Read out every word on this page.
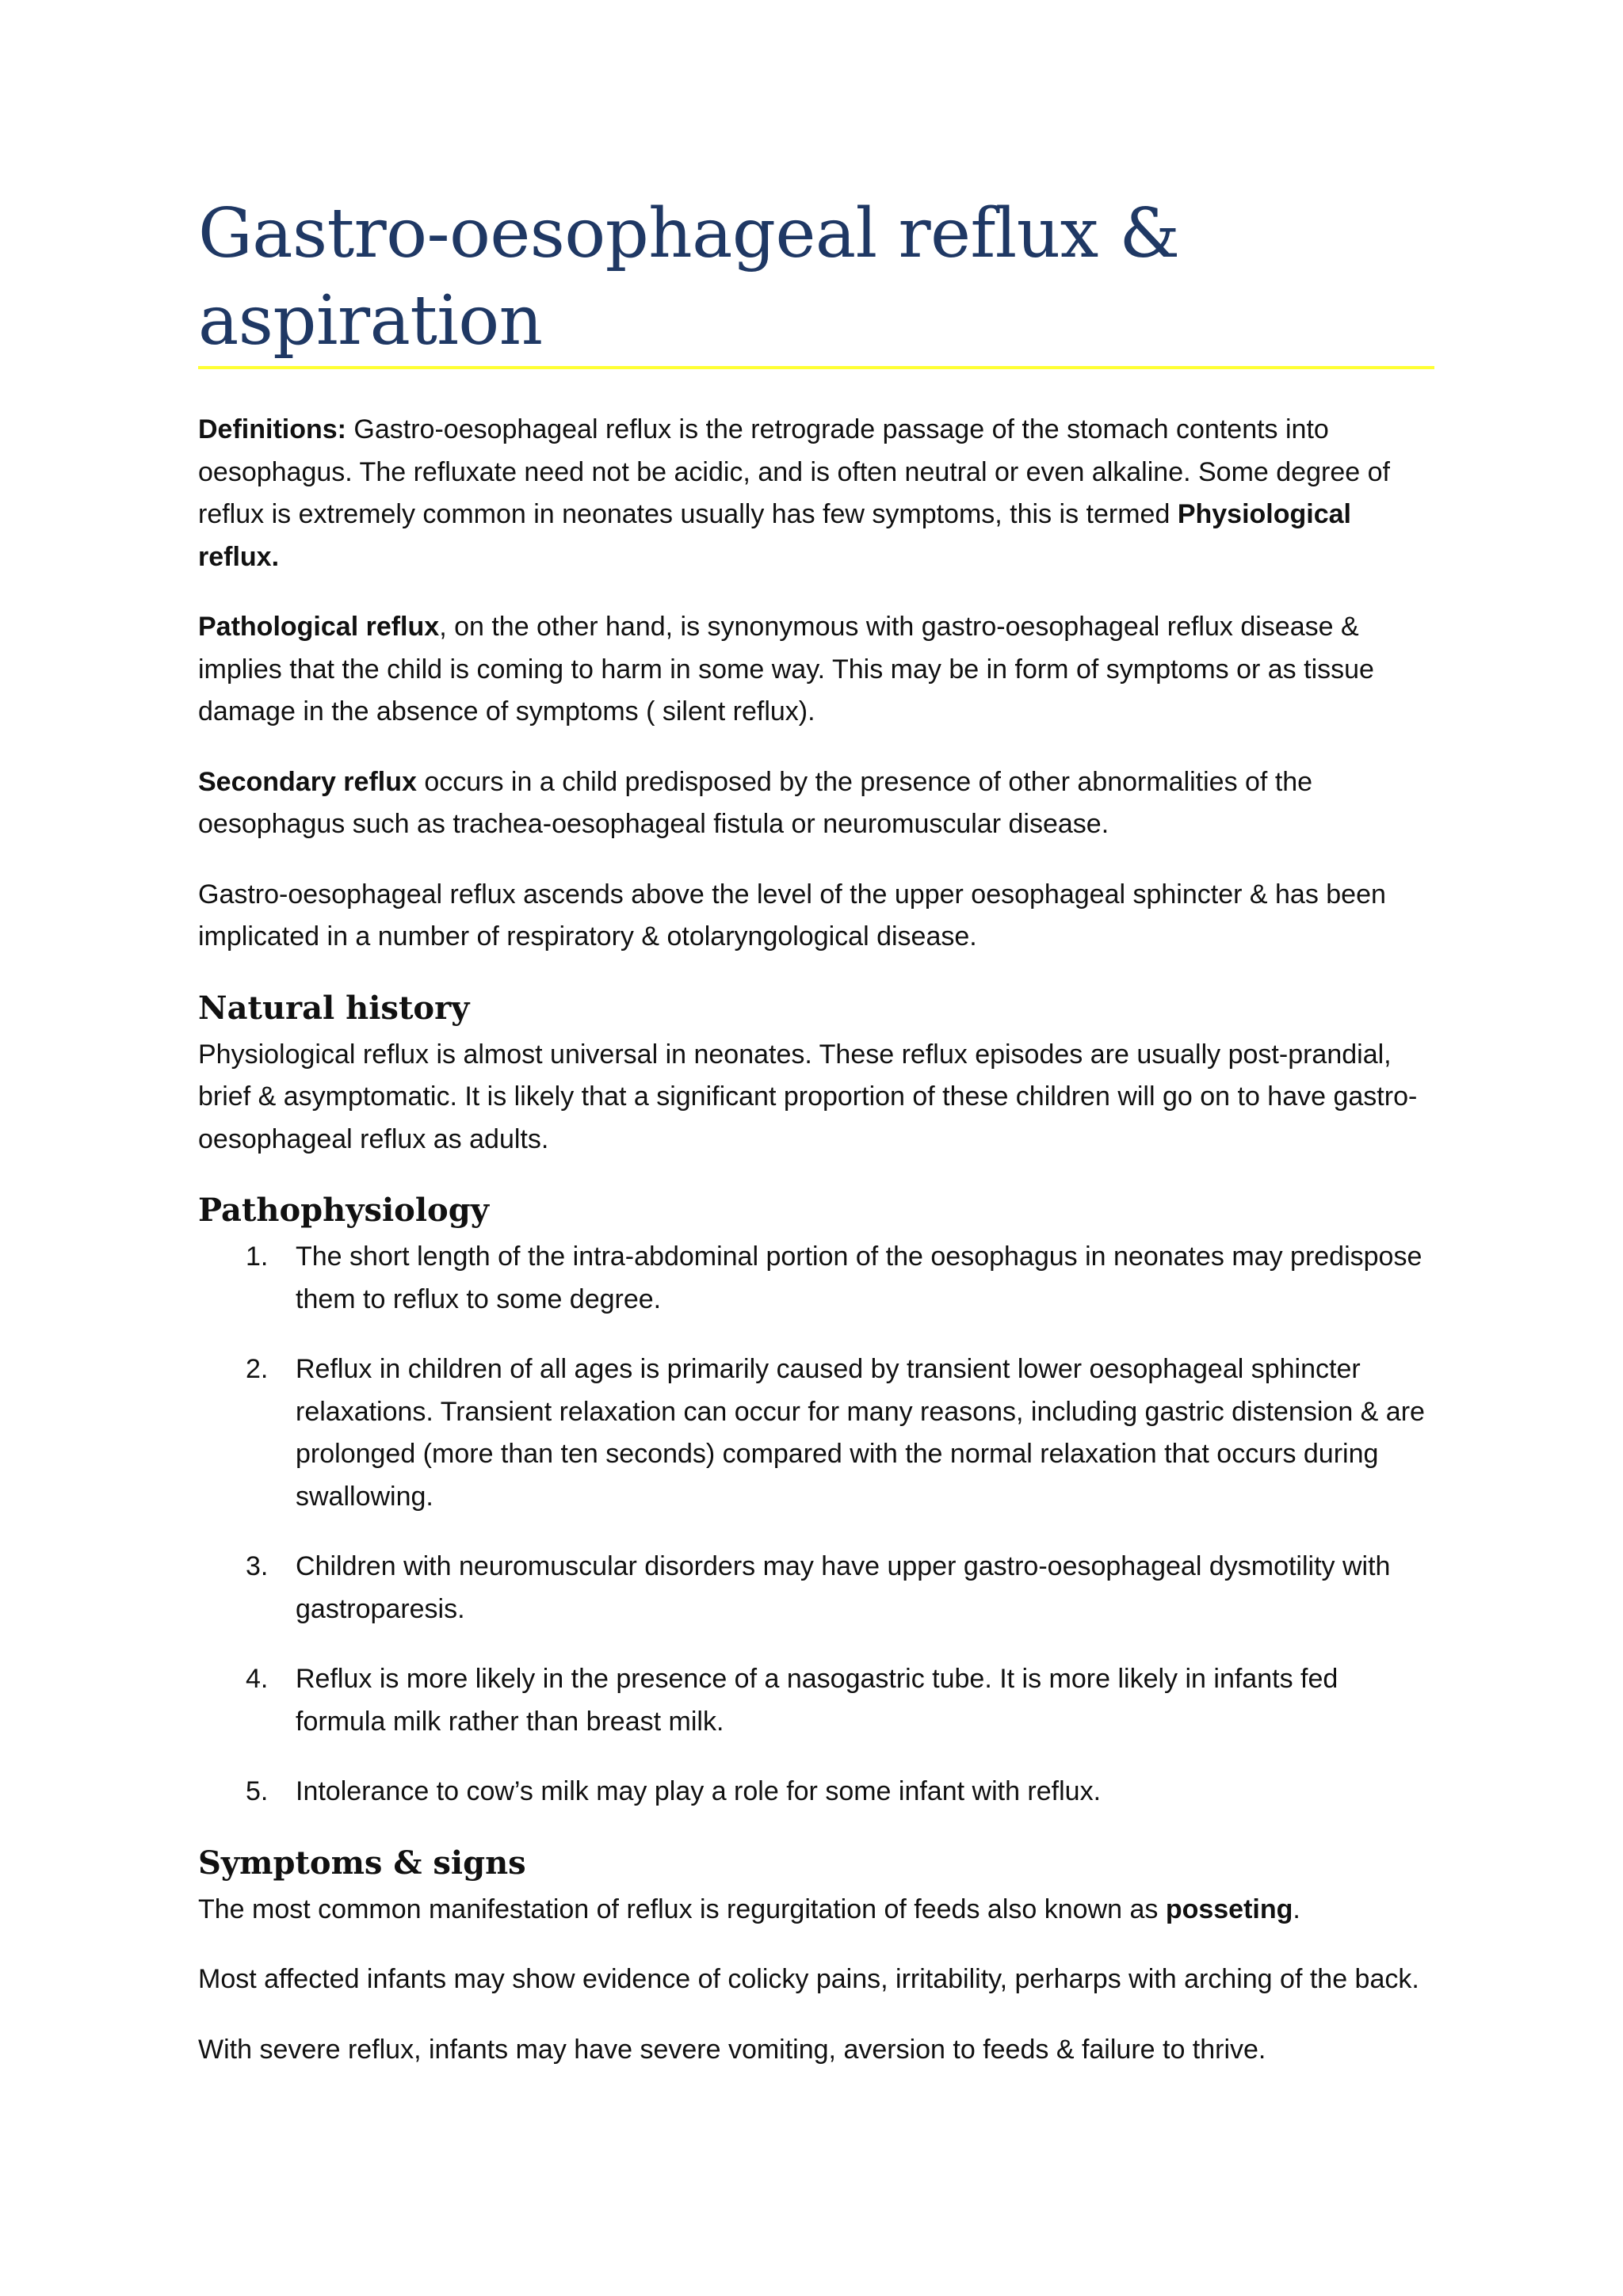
Gastro-oesophageal reflux & aspiration

Definitions: Gastro-oesophageal reflux is the retrograde passage of the stomach contents into oesophagus. The refluxate need not be acidic, and is often neutral or even alkaline. Some degree of reflux is extremely common in neonates usually has few symptoms, this is termed Physiological reflux.

Pathological reflux, on the other hand, is synonymous with gastro-oesophageal reflux disease & implies that the child is coming to harm in some way. This may be in form of symptoms or as tissue damage in the absence of symptoms ( silent reflux).

Secondary reflux occurs in a child predisposed by the presence of other abnormalities of the oesophagus such as trachea-oesophageal fistula or neuromuscular disease.

Gastro-oesophageal reflux ascends above the level of the upper oesophageal sphincter & has been implicated in a number of respiratory & otolaryngological disease.

Natural history

Physiological reflux is almost universal in neonates. These reflux episodes are usually post-prandial, brief & asymptomatic. It is likely that a significant proportion of these children will go on to have gastro-oesophageal reflux as adults.

Pathophysiology
1. The short length of the intra-abdominal portion of the oesophagus in neonates may predispose them to reflux to some degree.
2. Reflux in children of all ages is primarily caused by transient lower oesophageal sphincter relaxations. Transient relaxation can occur for many reasons, including gastric distension & are prolonged (more than ten seconds) compared with the normal relaxation that occurs during swallowing.
3. Children with neuromuscular disorders may have upper gastro-oesophageal dysmotility with gastroparesis.
4. Reflux is more likely in the presence of a nasogastric tube. It is more likely in infants fed formula milk rather than breast milk.
5. Intolerance to cow’s milk may play a role for some infant with reflux.
Symptoms & signs

The most common manifestation of reflux is regurgitation of feeds also known as posseting.

Most affected infants may show evidence of colicky pains, irritability, perharps with arching of the back.

With severe reflux, infants may have severe vomiting, aversion to feeds & failure to thrive.
